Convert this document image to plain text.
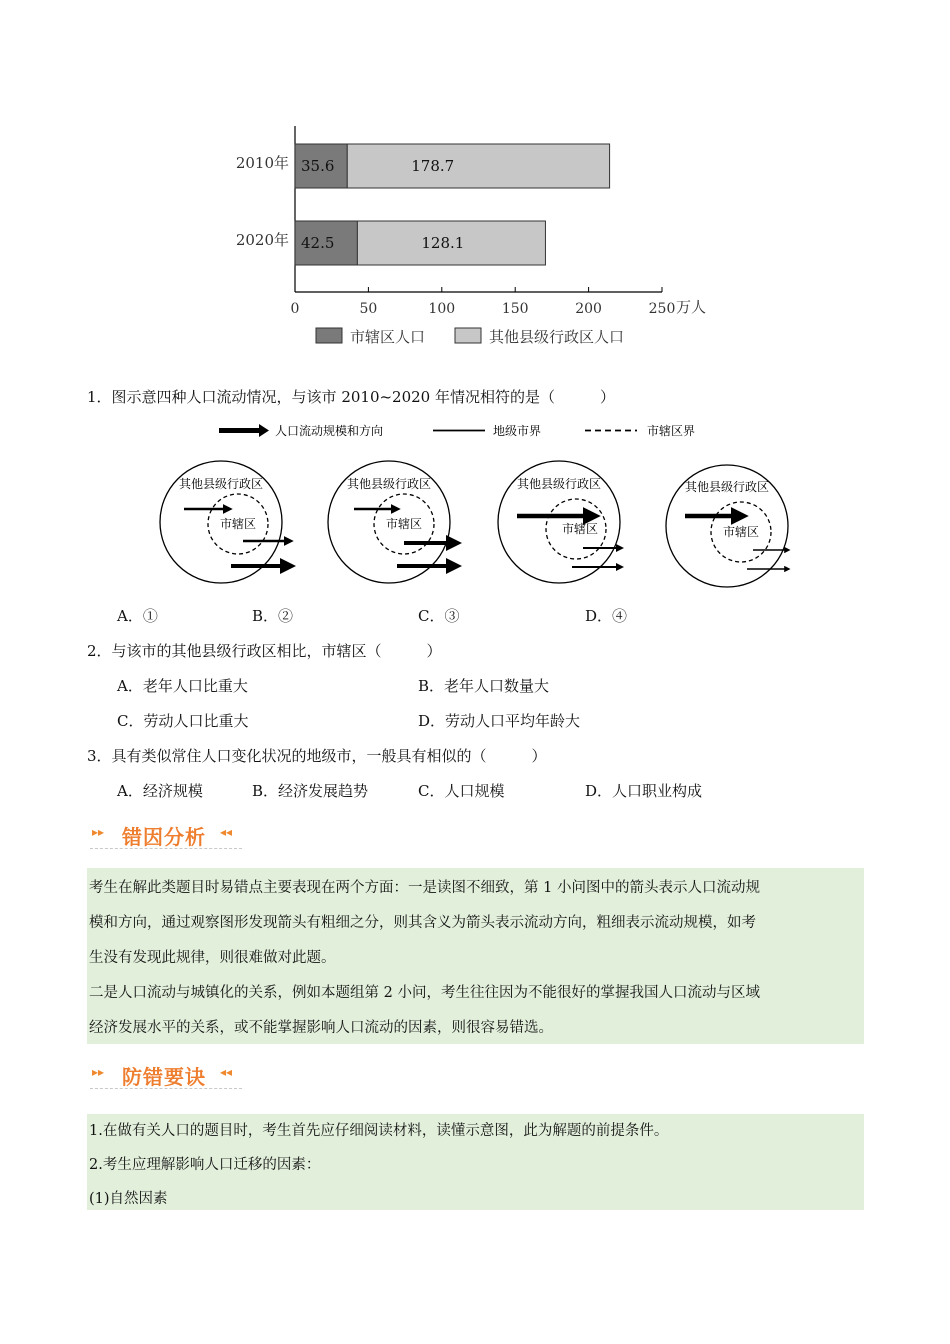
35.6	178.7
2010年
42.5	128.1
2020年
0	50	100	150	200	250 万人
市辖区人口	其他县级行政区人口
1．图示意四种人口流动情况，与该市 2010~2020 年情况相符的是（　　　）
人口流动规模和方向	地级市界	市辖区界
其他县级行政区
市辖区
其他县级行政区
市辖区
其他县级行政区
市辖区
其他县级行政区
市辖区
A．①	B．②	C．③	D．④
2．与该市的其他县级行政区相比，市辖区（　　　）
A．老年人口比重大	B．老年人口数量大
C．劳动人口比重大	D．劳动人口平均年龄大
3．具有类似常住人口变化状况的地级市，一般具有相似的（　　　）
A．经济规模	B．经济发展趋势	C．人口规模	D．人口职业构成
▸▸ 错因分析 ◂◂
考生在解此类题目时易错点主要表现在两个方面：一是读图不细致，第 1 小问图中的箭头表示人口流动规
模和方向，通过观察图形发现箭头有粗细之分，则其含义为箭头表示流动方向，粗细表示流动规模，如考
生没有发现此规律，则很难做对此题。
二是人口流动与城镇化的关系，例如本题组第 2 小问，考生往往因为不能很好的掌握我国人口流动与区域
经济发展水平的关系，或不能掌握影响人口流动的因素，则很容易错选。
▸▸ 防错要诀 ◂◂
1.在做有关人口的题目时，考生首先应仔细阅读材料，读懂示意图，此为解题的前提条件。
2.考生应理解影响人口迁移的因素：
(1)自然因素
